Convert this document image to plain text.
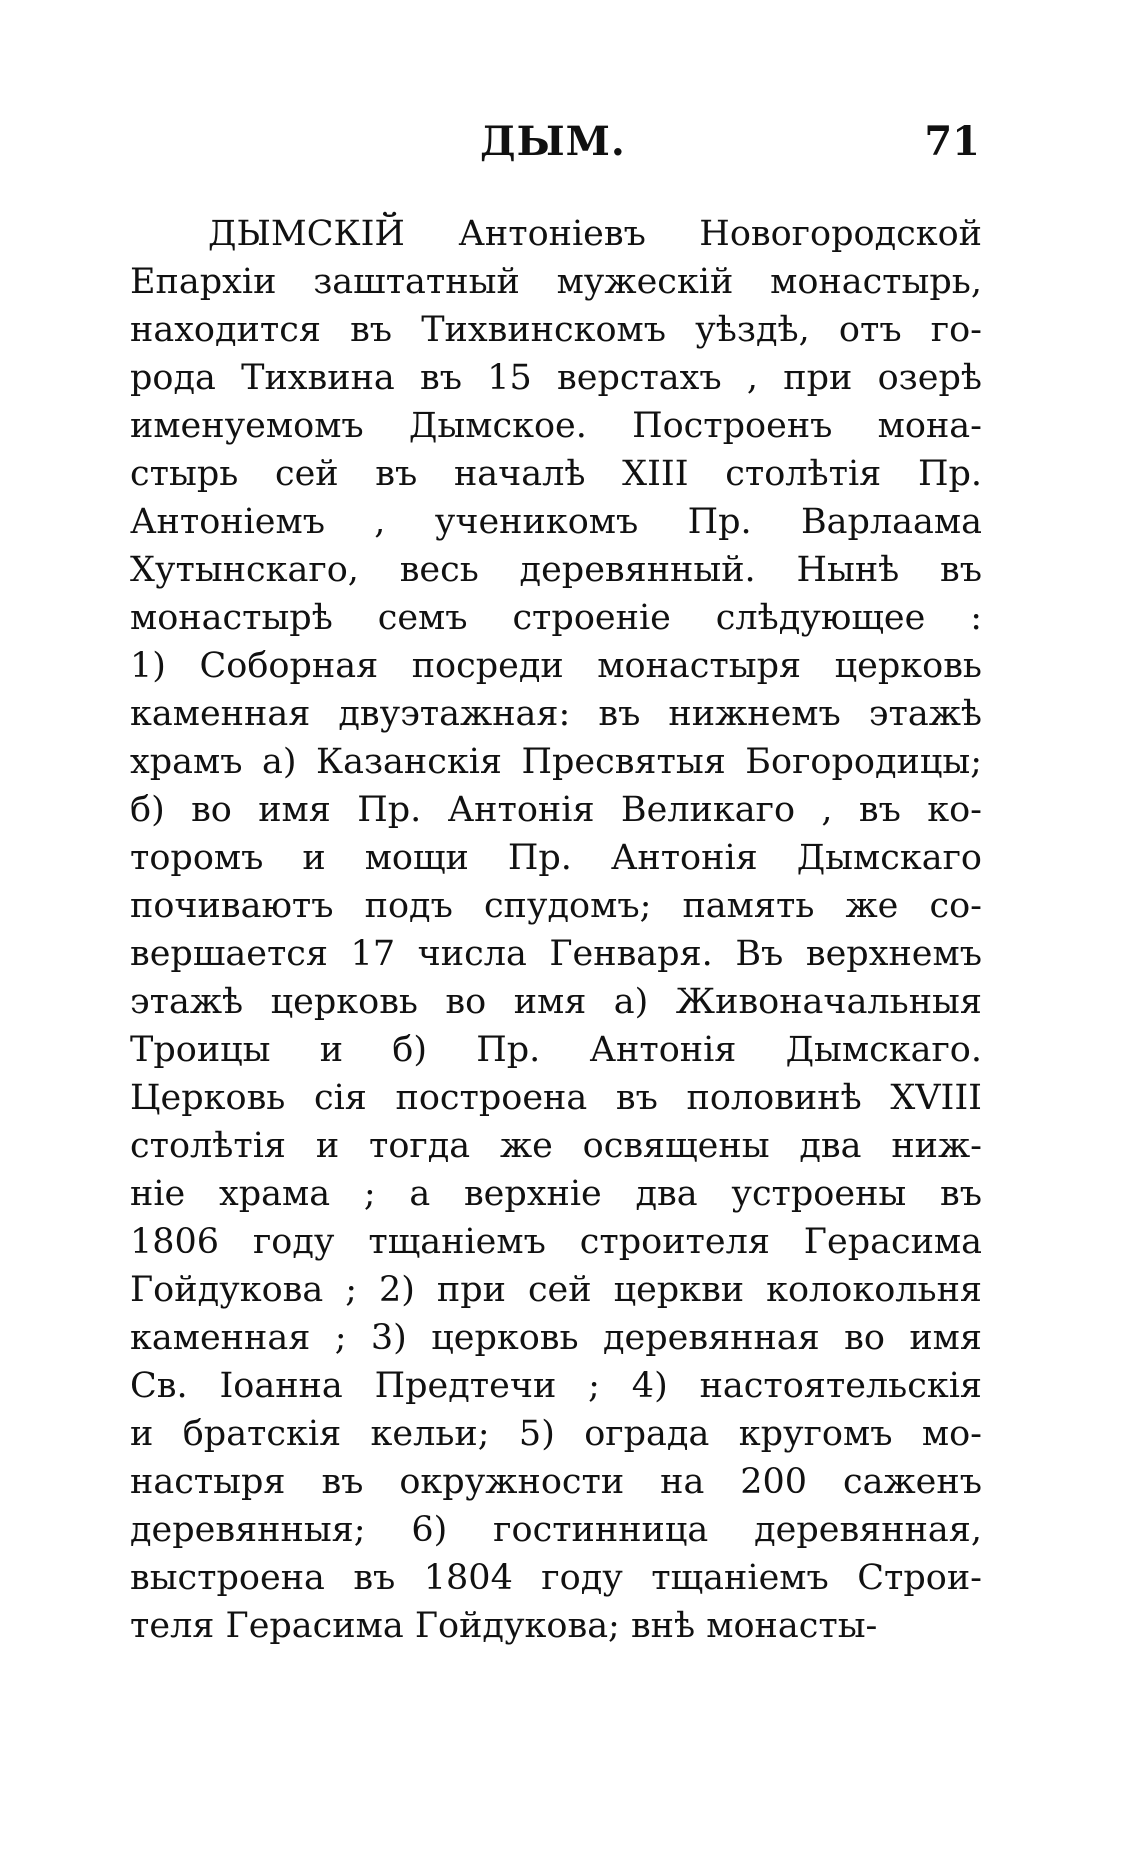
ДЫМ.	71
ДЫМСКІЙ Антоніевъ Новогородской
Епархіи заштатный мужескій монастырь,
находится въ Тихвинскомъ уѣздѣ, отъ го-
рода Тихвина въ 15 верстахъ , при озерѣ
именуемомъ Дымское. Построенъ мона-
стырь сей въ началѣ XIII столѣтія Пр.
Антоніемъ , ученикомъ Пр. Варлаама
Хутынскаго, весь деревянный. Нынѣ въ
монастырѣ семъ строеніе слѣдующее :
1) Соборная посреди монастыря церковь
каменная двуэтажная: въ нижнемъ этажѣ
храмъ а) Казанскія Пресвятыя Богородицы;
б) во имя Пр. Антонія Великаго , въ ко-
торомъ и мощи Пр. Антонія Дымскаго
почиваютъ подъ спудомъ; память же со-
вершается 17 числа Генваря. Въ верхнемъ
этажѣ церковь во имя а) Живоначальныя
Троицы и б) Пр. Антонія Дымскаго.
Церковь сія построена въ половинѣ XVIII
столѣтія и тогда же освящены два ниж-
ніе храма ; а верхніе два устроены въ
1806 году тщаніемъ строителя Герасима
Гойдукова ; 2) при сей церкви колокольня
каменная ; 3) церковь деревянная во имя
Св. Іоанна Предтечи ; 4) настоятельскія
и братскія кельи; 5) ограда кругомъ мо-
настыря въ окружности на 200 саженъ
деревянныя; 6) гостинница деревянная,
выстроена въ 1804 году тщаніемъ Строи-
теля Герасима Гойдукова; внѣ монасты-
